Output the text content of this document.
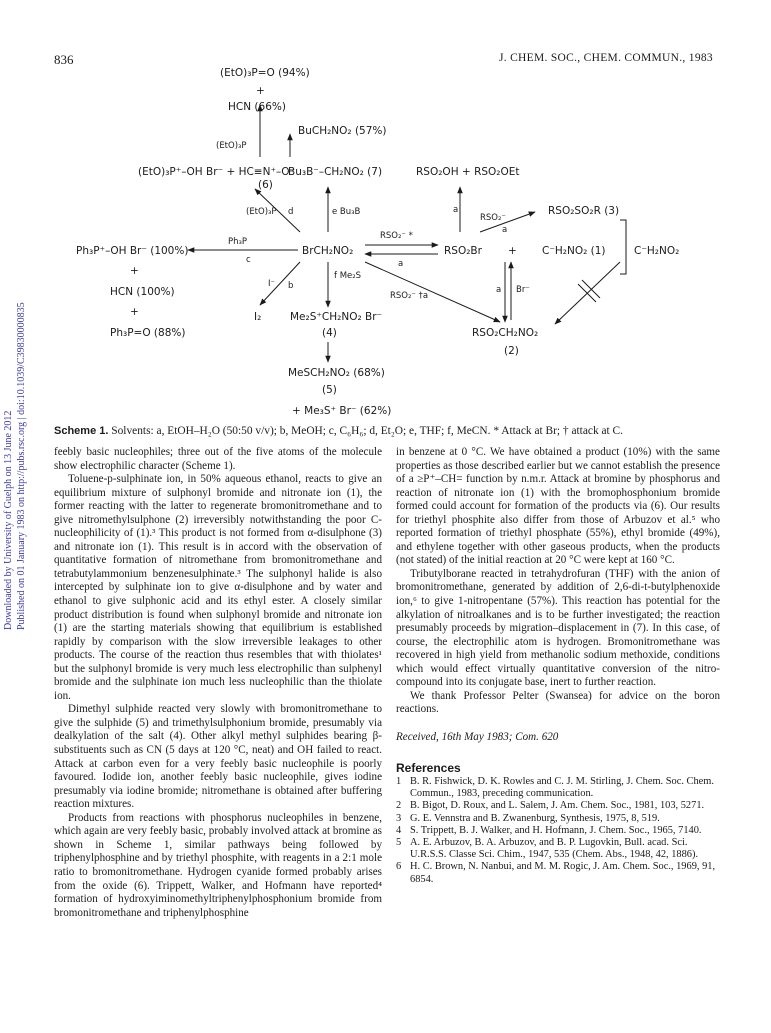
836	J. CHEM. SOC., CHEM. COMMUN., 1983
Downloaded by University of Guelph on 13 June 2012 Published on 01 January 1983 on http://pubs.rsc.org | doi:10.1039/C39830000835
(EtO)₃P=O (94%)
+
HCN (66%)
(EtO)₃P
BuCH₂NO₂ (57%)
(EtO)₃P⁺–OH Br⁻ + HC≡N⁺–O⁻
Bu₃B⁻–CH₂NO₂ (7)	RSO₂OH + RSO₂OEt
(6)
(EtO)₃P d	e Bu₃B	a
RSO₂⁻
a
RSO₂SO₂R (3)
Ph₃P⁺–OH Br⁻ (100%)
Ph₃P
c
BrCH₂NO₂
RSO₂⁻ *
a
RSO₂Br + C⁻H₂NO₂ (1)	C⁻H₂NO₂
+
HCN (100%)
I⁻ b
f Me₂S
RSO₂⁻ †a
a Br⁻
+
Ph₃P=O (88%)
I₂	Me₂S⁺CH₂NO₂ Br⁻
RSO₂CH₂NO₂
(4)
(2)
MeSCH₂NO₂ (68%)
(5)
+ Me₃S⁺ Br⁻ (62%)
Scheme 1. Solvents: a, EtOH–H₂O (50:50 v/v); b, MeOH; c, C₆H₆; d, Et₂O; e, THF; f, MeCN. * Attack at Br; † attack at C.

feebly basic nucleophiles; three out of the five atoms of the molecule show electrophilic character (Scheme 1).

Toluene-p-sulphinate ion, in 50% aqueous ethanol, reacts to give an equilibrium mixture of sulphonyl bromide and nitronate ion (1), the former reacting with the latter to regenerate bromonitromethane and to give nitromethylsulphone (2) irreversibly notwithstanding the poor C-nucleophilicity of (1).³ This product is not formed from α-disulphone (3) and nitronate ion (1). This result is in accord with the observation of quantitative formation of nitromethane from bromonitromethane and tetrabutylammonium benzenesulphinate.³ The sulphonyl halide is also intercepted by sulphinate ion to give α-disulphone and by water and ethanol to give sulphonic acid and its ethyl ester. A closely similar product distribution is found when sulphonyl bromide and nitronate ion (1) are the starting materials showing that equilibrium is established rapidly by comparison with the slow irreversible leakages to other products. The course of the reaction thus resembles that with thiolates¹ but the sulphonyl bromide is very much less electrophilic than sulphenyl bromide and the sulphinate ion much less nucleophilic than the thiolate ion.

Dimethyl sulphide reacted very slowly with bromonitromethane to give the sulphide (5) and trimethylsulphonium bromide, presumably via dealkylation of the salt (4). Other alkyl methyl sulphides bearing β-substituents such as CN (5 days at 120 °C, neat) and OH failed to react. Attack at carbon even for a very feebly basic nucleophile is poorly favoured. Iodide ion, another feebly basic nucleophile, gives iodine presumably via iodine bromide; nitromethane is obtained after buffering reaction mixtures.

Products from reactions with phosphorus nucleophiles in benzene, which again are very feebly basic, probably involved attack at bromine as shown in Scheme 1, similar pathways being followed by triphenylphosphine and by triethyl phosphite, with reagents in a 2:1 mole ratio to bromonitromethane. Hydrogen cyanide formed probably arises from the oxide (6). Trippett, Walker, and Hofmann have reported⁴ formation of hydroxyiminomethyltriphenylphosphonium bromide from bromonitromethane and triphenylphosphine

in benzene at 0 °C. We have obtained a product (10%) with the same properties as those described earlier but we cannot establish the presence of a ≥P⁺–CH= function by n.m.r. Attack at bromine by phosphorus and reaction of nitronate ion (1) with the bromophosphonium bromide formed could account for formation of the products via (6). Our results for triethyl phosphite also differ from those of Arbuzov et al.⁵ who reported formation of triethyl phosphate (55%), ethyl bromide (49%), and ethylene together with other gaseous products, when the products (not stated) of the initial reaction at 20 °C were kept at 160 °C.

Tributylborane reacted in tetrahydrofuran (THF) with the anion of bromonitromethane, generated by addition of 2,6-di-t-butylphenoxide ion,⁶ to give 1-nitropentane (57%). This reaction has potential for the alkylation of nitroalkanes and is to be further investigated; the reaction presumably proceeds by migration–displacement in (7). In this case, of course, the electrophilic atom is hydrogen. Bromonitromethane was recovered in high yield from methanolic sodium methoxide, conditions which would effect virtually quantitative conversion of the nitro-compound into its conjugate base, inert to further reaction.

We thank Professor Pelter (Swansea) for advice on the boron reactions.

Received, 16th May 1983; Com. 620

References
1 B. R. Fishwick, D. K. Rowles and C. J. M. Stirling, J. Chem. Soc. Chem. Commun., 1983, preceding communication.
2 B. Bigot, D. Roux, and L. Salem, J. Am. Chem. Soc., 1981, 103, 5271.
3 G. E. Vennstra and B. Zwanenburg, Synthesis, 1975, 8, 519.
4 S. Trippett, B. J. Walker, and H. Hofmann, J. Chem. Soc., 1965, 7140.
5 A. E. Arbuzov, B. A. Arbuzov, and B. P. Lugovkin, Bull. acad. Sci. U.R.S.S. Classe Sci. Chim., 1947, 535 (Chem. Abs., 1948, 42, 1886).
6 H. C. Brown, N. Nanbui, and M. M. Rogic, J. Am. Chem. Soc., 1969, 91, 6854.
